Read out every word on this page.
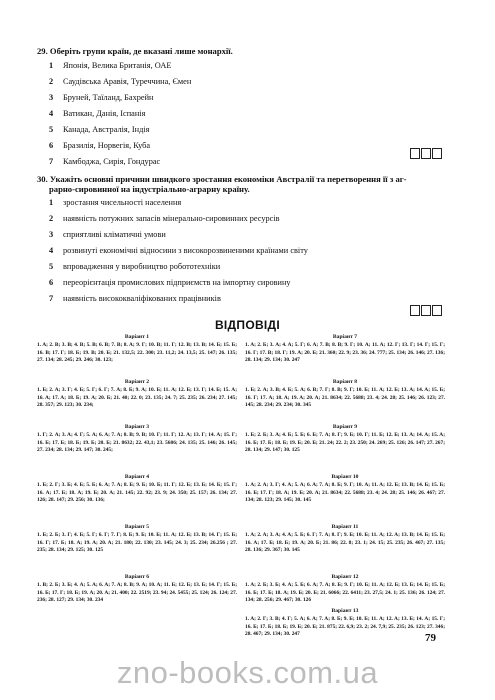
29. Оберіть групи країн, де вказані лише монархії.
1 Японія, Велика Британія, ОАЕ
2 Саудівська Аравія, Туреччина, Ємен
3 Бруней, Таїланд, Бахрейн
4 Ватикан, Данія, Іспанія
5 Канада, Австралія, Індія
6 Бразилія, Норвегія, Куба
7 Камбоджа, Сирія, Гондурас
30. Укажіть основні причини швидкого зростання економіки Австралії та перетворення її з аг-
рарно-сировинної на індустріально-аграрну країну.
1 зростання чисельності населення
2 наявність потужних запасів мінерально-сировинних ресурсів
3 сприятливі кліматичні умови
4 розвинуті економічні відносини з високорозвиненими країнами світу
5 впровадження у виробництво робототехніки
6 переорієнтація промислових підприємств на імпортну сировину
7 наявність висококваліфікованих працівників
ВІДПОВІДІ
Варіант 1
1. A; 2. B; 3. B; 4. B; 5. B; 6. B; 7. B; 8. A; 9. Г; 10. B; 11. Г; 12. B; 13. B; 14. Б; 15. Б; 16. B; 17. Г; 18. Б; 19. B; 20. Б; 21. 132,5; 22. 300; 23. 11,2; 24. 13,5; 25. 147; 26. 135; 27. 134; 28. 245; 29. 246; 30. 123;
Варіант 2
1. Б; 2. A; 3. Г; 4. Б; 5. Г; 6. Г; 7. A; 8. Б; 9. A; 10. Б; 11. A; 12. Б; 13. Г; 14. Б; 15. A; 16. A; 17. A; 18. Б; 19. A; 20. Б; 21. 40; 22. 0; 23. 135; 24. 7; 25. 235; 26. 234; 27. 145; 28. 357; 29. 123; 30. 234;
Варіант 3
1. Г; 2. A; 3. A; 4. Г; 5. A; 6. A; 7. A; 8. B; 9. B; 10. Г; 11. Г; 12. A; 13. Г; 14. A; 15. Г; 16. Б; 17. Б; 18. Б; 19. Б; 20. Б; 21. 8632; 22. 43,1; 23. 5686; 24. 135; 25. 146; 26. 145; 27. 234; 28. 134; 29. 147; 30. 245;
Варіант 4
1. Б; 2. Г; 3. Б; 4. Б; 5. Б; 6. A; 7. A; 8. Б; 9. Б; 10. Б; 11. Г; 12. Б; 13. Б; 14. Б; 15. Г; 16. A; 17. Б; 18. A; 19. Б; 20. A; 21. 145; 22. 92; 23. 9; 24. 350; 25. 157; 26. 134; 27. 126; 28. 147; 29. 256; 30. 136;
Варіант 5
1. Б; 2. Б; 3. Г; 4. Б; 5. Г; 6. Г; 7. Г; 8. Б; 9. Б; 10. Б; 11. A; 12. Б; 13. B; 14. Г; 15. Б; 16. Г; 17. Б; 18. A; 19. A; 20. A; 21. 180; 22. 130; 23. 145; 24. 3; 25. 234; 26.256 ; 27. 235; 28. 134; 29. 125; 30. 125
Варіант 6
1. B; 2. Б; 3. Б; 4. A; 5. A; 6. A; 7. A; 8. B; 9. A; 10. A; 11. Б; 12. Б; 13. Б; 14. Г; 15. Б; 16. Б; 17. Г; 18. Б; 19. A; 20. A; 21. 400; 22. 2519; 23. 94; 24. 5455; 25. 124; 26. 124; 27. 236; 28. 127; 29. 134; 30. 234
Варіант 7
1. A; 2. Б; 3. A; 4. A; 5. Г; 6. A; 7. B; 8. B; 9. Г; 10. A; 11. A; 12. Г; 13. Г; 14. Г; 15. Г; 16. Г; 17. B; 18. Г; 19. A; 20. Б; 21. 360; 22. 9; 23. 36; 24. 777; 25. 134; 26. 146; 27. 136; 28. 134; 29. 134; 30. 247
Варіант 8
1. Б; 2. A; 3. B; 4. Б; 5. A; 6. B; 7. Г; 8. B; 9. Г; 10. Б; 11. A; 12. Б; 13. A; 14. A; 15. Б; 16. Г; 17. A; 18. A; 19. A; 20. A; 21. 8634; 22. 5688; 23. 4; 24. 28; 25. 146; 26. 123; 27. 145; 28. 234; 29. 234; 30. 345
Варіант 9
1. Б; 2. Б; 3. A; 4. Б; 5. Б; 6. Б; 7. A; 8. Г; 9. Б; 10. Г; 11. Б; 12. Б; 13. A; 14. A; 15. A; 16. Б; 17. Б; 18. Б; 19. Б; 20. Б; 21. 24; 22. 2; 23. 250; 24. 269; 25. 126; 26. 147; 27. 267; 28. 134; 29. 147; 30. 125
Варіант 10
1. A; 2. A; 3. Г; 4. A; 5. A; 6. A; 7. A; 8. Б; 9. Г; 10. A; 11. A; 12. Б; 13. B; 14. Б; 15. Б; 16. Б; 17. Г; 18. A; 19. Б; 20. A; 21. 8634; 22. 5688; 23. 4; 24. 28; 25. 146; 26. 467; 27. 134; 28. 123; 29. 145; 30. 145
Варіант 11
1. A; 2. A; 3. A; 4. A; 5. Б; 6. Г; 7. A; 8. Г; 9. Б; 10. Б; 11. A; 12. A; 13. B; 14. Б; 15. Б; 16. A; 17. Б; 18. Б; 19. A; 20. Б; 21. 86; 22. 8; 23. 1; 24. 15; 25. 235; 26. 467; 27. 135; 28. 136; 29. 367; 30. 145
Варіант 12
1. A; 2. Б; 3. Б; 4. A; 5. Б; 6. A; 7. A; 8. Б; 9. Г; 10. Б; 11. A; 12. Б; 13. Б; 14. Б; 15. Б; 16. Б; 17. Б; 18. A; 19. Б; 20. Б; 21. 6066; 22. 6411; 23. 27,5; 24. 1; 25. 136; 26. 124; 27. 134; 28. 256; 29. 467; 30. 126
Варіант 13
1. A; 2. Г; 3. B; 4. Г; 5. A; 6. A; 7. A; 8. Б; 9. Б; 10. Б; 11. A; 12. A; 13. Б; 14. A; 15. Г; 16. Б; 17. Б; 18. Б; 19. Б; 20. Б; 21. 875; 22. 6,9; 23. 2; 24. 7,9; 25. 235; 26. 123; 27. 346; 28. 467; 29. 134; 30. 247
zno-books.com.ua
79
